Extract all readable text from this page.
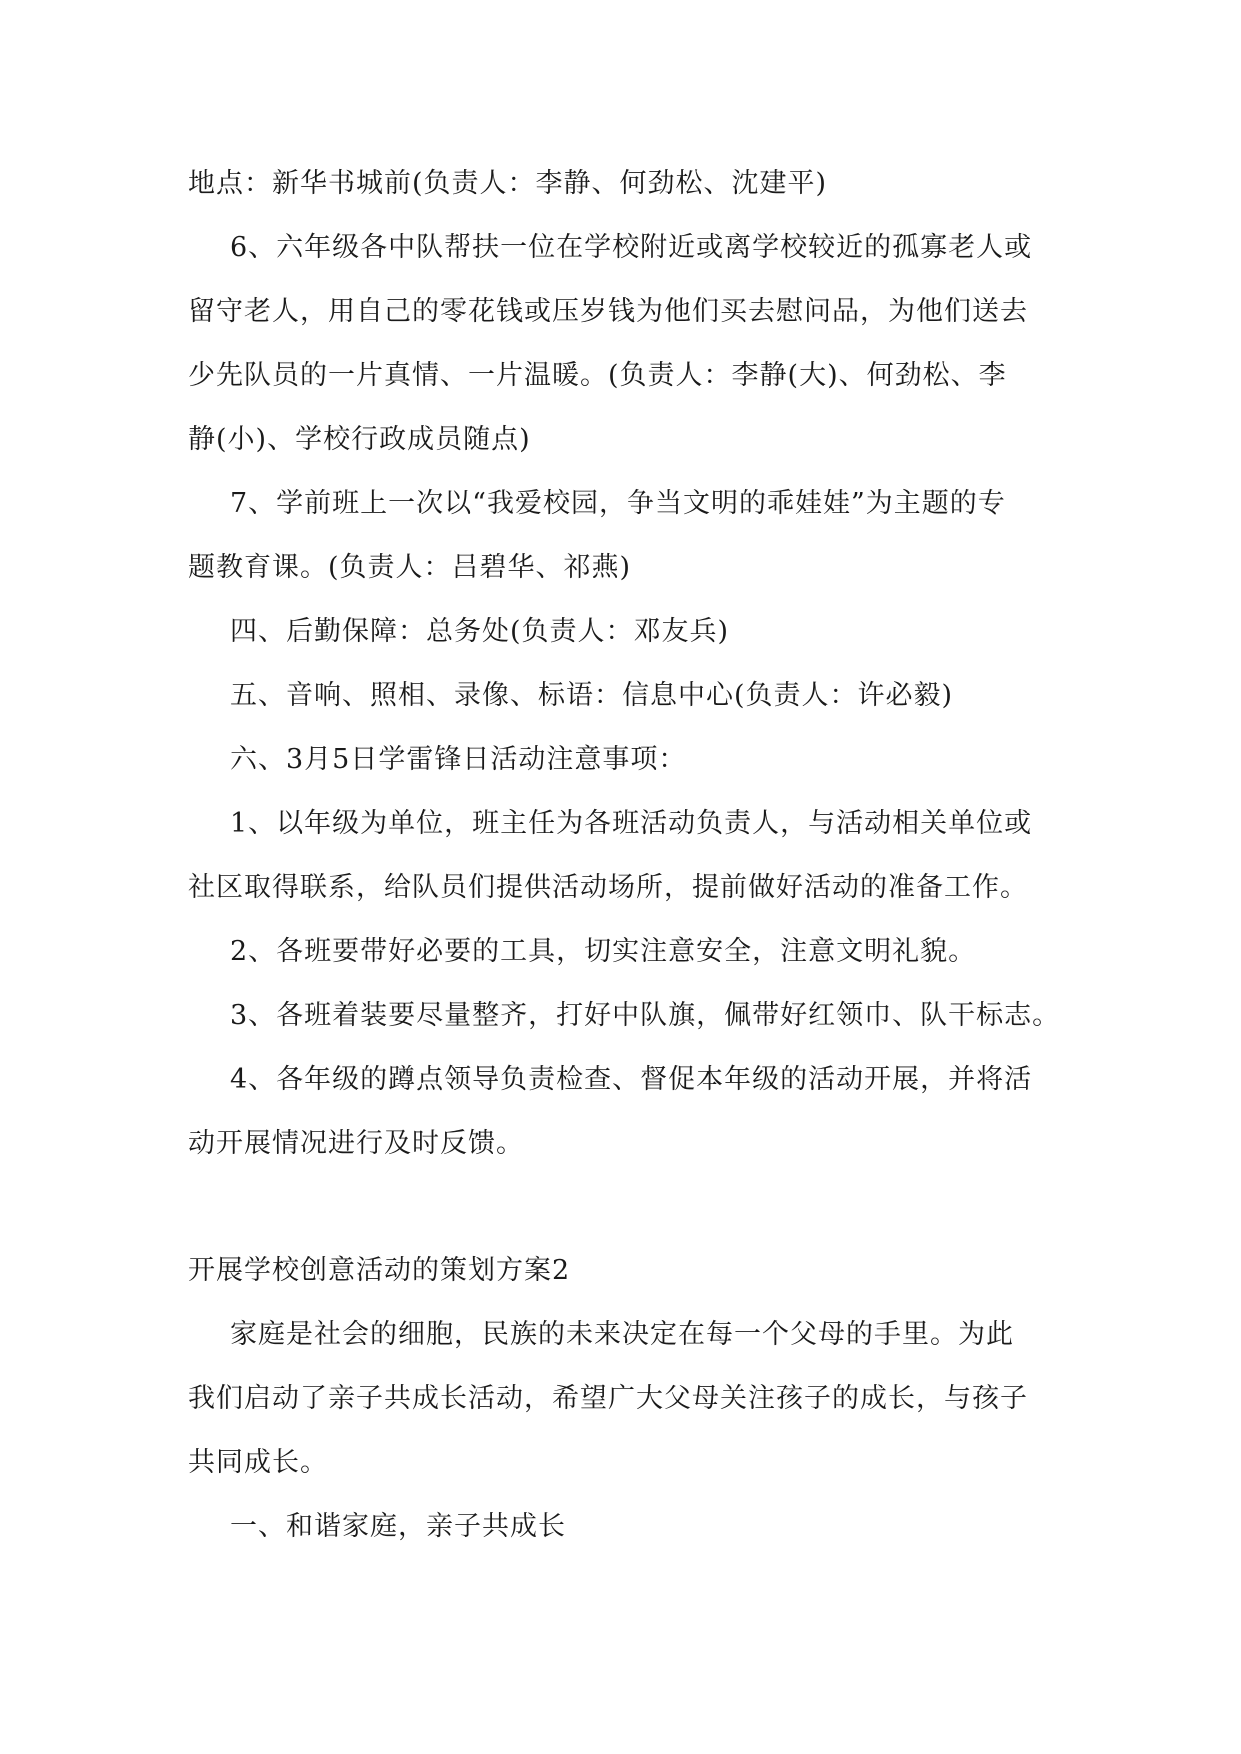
地点：新华书城前(负责人：李静、何劲松、沈建平)
6、六年级各中队帮扶一位在学校附近或离学校较近的孤寡老人或
留守老人，用自己的零花钱或压岁钱为他们买去慰问品，为他们送去
少先队员的一片真情、一片温暖。(负责人：李静(大)、何劲松、李
静(小)、学校行政成员随点)
7、学前班上一次以“我爱校园，争当文明的乖娃娃”为主题的专
题教育课。(负责人：吕碧华、祁燕)
四、后勤保障：总务处(负责人：邓友兵)
五、音响、照相、录像、标语：信息中心(负责人：许必毅)
六、3月5日学雷锋日活动注意事项：
1、以年级为单位，班主任为各班活动负责人，与活动相关单位或
社区取得联系，给队员们提供活动场所，提前做好活动的准备工作。
2、各班要带好必要的工具，切实注意安全，注意文明礼貌。
3、各班着装要尽量整齐，打好中队旗，佩带好红领巾、队干标志。
4、各年级的蹲点领导负责检查、督促本年级的活动开展，并将活
动开展情况进行及时反馈。
开展学校创意活动的策划方案2
家庭是社会的细胞，民族的未来决定在每一个父母的手里。为此
我们启动了亲子共成长活动，希望广大父母关注孩子的成长，与孩子
共同成长。
一、和谐家庭，亲子共成长
